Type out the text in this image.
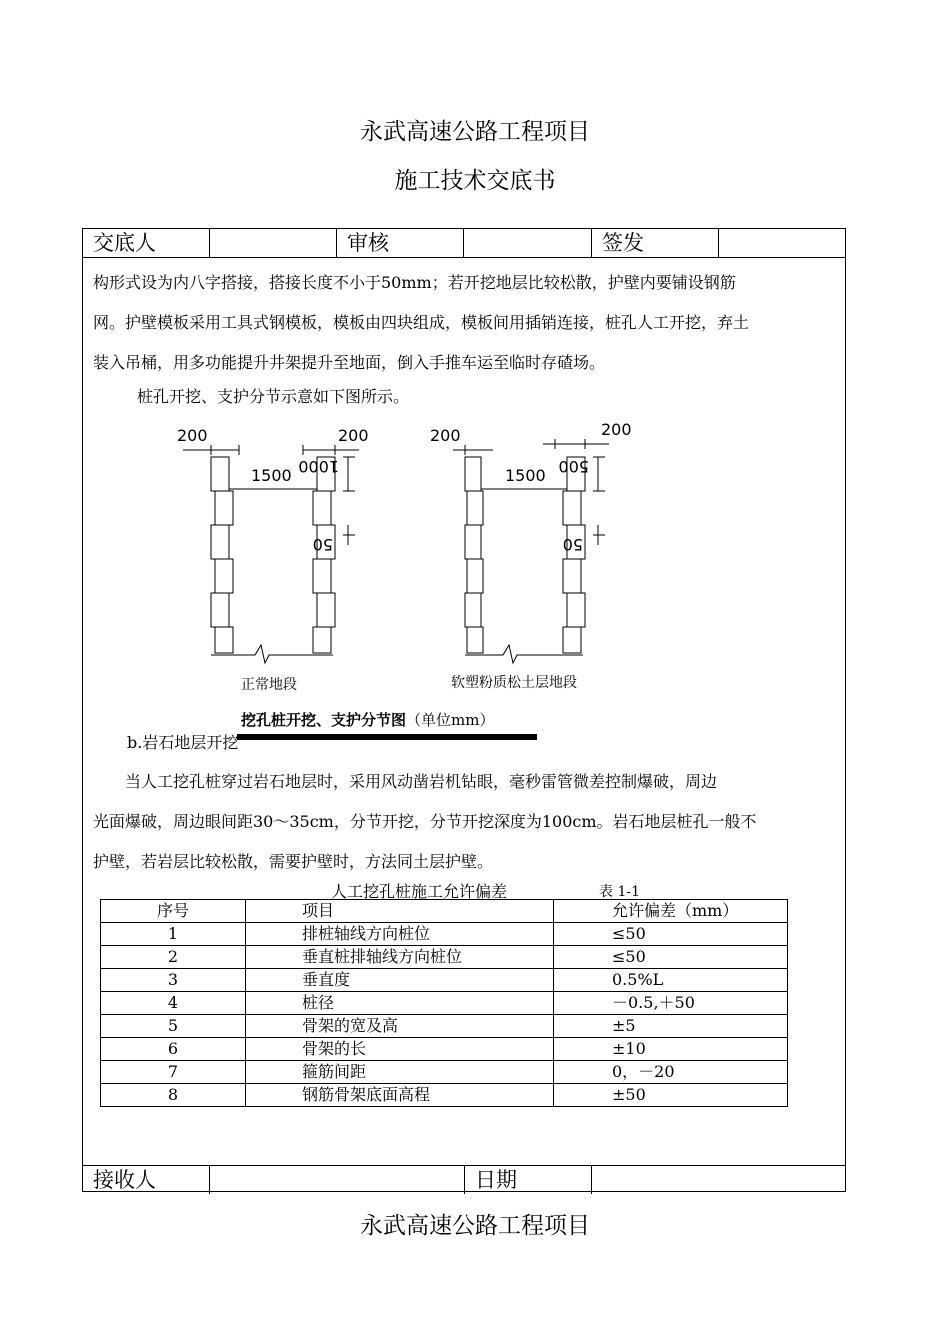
永武高速公路工程项目
施工技术交底书
交底人	审核	签发

构形式设为内八字搭接，搭接长度不小于50mm；若开挖地层比较松散，护壁内要铺设钢筋

网。护壁模板采用工具式钢模板，模板由四块组成，模板间用插销连接，桩孔人工开挖，弃土

装入吊桶，用多功能提升井架提升至地面，倒入手推车运至临时存碴场。

桩孔开挖、支护分节示意如下图所示。
200	200
1500 1000
50
200	200
1500 500
50
正常地段	软塑粉质松土层地段
挖孔桩开挖、支护分节图（单位mm）
b.岩石地层开挖

当人工挖孔桩穿过岩石地层时，采用风动凿岩机钻眼，毫秒雷管微差控制爆破，周边

光面爆破，周边眼间距30～35cm，分节开挖，分节开挖深度为100cm。岩石地层桩孔一般不

护壁，若岩层比较松散，需要护壁时，方法同土层护壁。

人工挖孔桩施工允许偏差	表 1-1
序号	项目	允许偏差（mm）
1	排桩轴线方向桩位	≤50
2	垂直桩排轴线方向桩位	≤50
3	垂直度	0.5%L
4	桩径	－0.5,＋50
5	骨架的宽及高	±5
6	骨架的长	±10
7	箍筋间距	0，－20
8	钢筋骨架底面高程	±50
接收人	日期
永武高速公路工程项目
